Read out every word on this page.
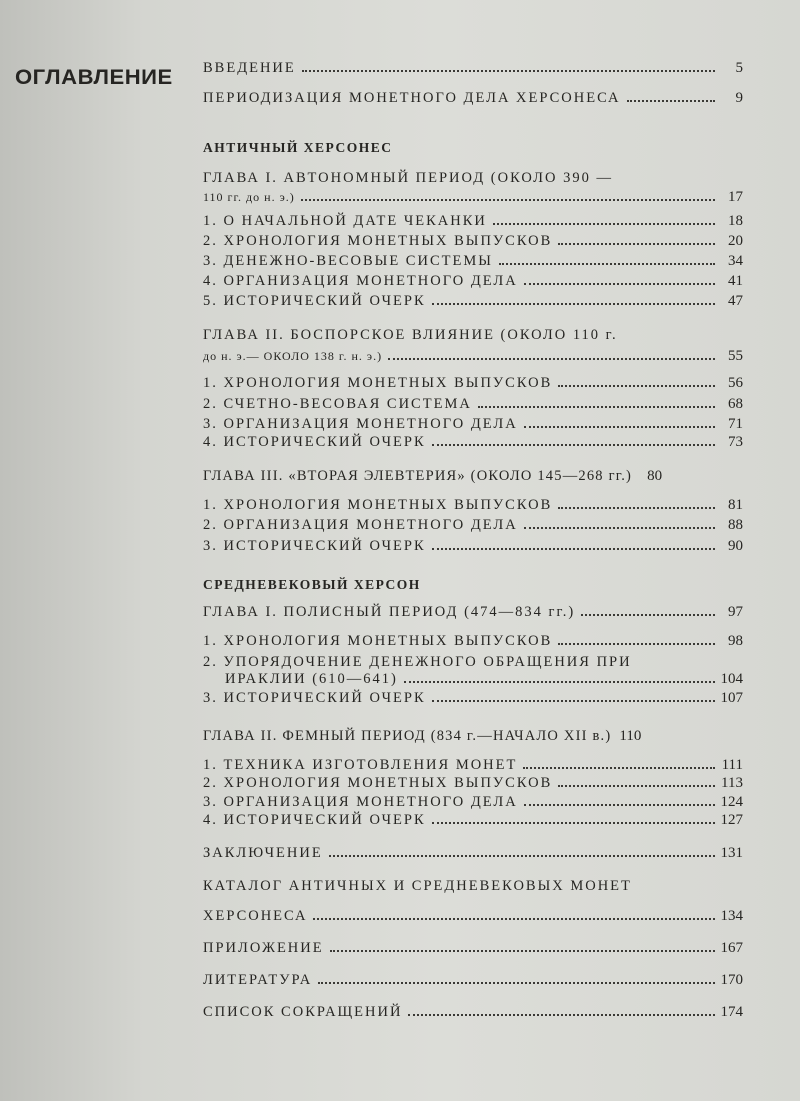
ОГЛАВЛЕНИЕ ВВЕДЕНИЕ	5
ПЕРИОДИЗАЦИЯ МОНЕТНОГО ДЕЛА ХЕРСОНЕСА	9
АНТИЧНЫЙ ХЕРСОНЕС
ГЛАВА I. АВТОНОМНЫЙ ПЕРИОД (ОКОЛО 390 —
110 гг. до н. э.)	17
1. О НАЧАЛЬНОЙ ДАТЕ ЧЕКАНКИ	18
2. ХРОНОЛОГИЯ МОНЕТНЫХ ВЫПУСКОВ	20
3. ДЕНЕЖНО-ВЕСОВЫЕ СИСТЕМЫ	34
4. ОРГАНИЗАЦИЯ МОНЕТНОГО ДЕЛА	41
5. ИСТОРИЧЕСКИЙ ОЧЕРК	47
ГЛАВА II. БОСПОРСКОЕ ВЛИЯНИЕ (ОКОЛО 110 г.
до н. э.— ОКОЛО 138 г. н. э.)	55
1. ХРОНОЛОГИЯ МОНЕТНЫХ ВЫПУСКОВ	56
2. СЧЕТНО-ВЕСОВАЯ СИСТЕМА	68
3. ОРГАНИЗАЦИЯ МОНЕТНОГО ДЕЛА	71
4. ИСТОРИЧЕСКИЙ ОЧЕРК	73
ГЛАВА III. «ВТОРАЯ ЭЛЕВТЕРИЯ» (ОКОЛО 145—268 гг.)	80
1. ХРОНОЛОГИЯ МОНЕТНЫХ ВЫПУСКОВ	81
2. ОРГАНИЗАЦИЯ МОНЕТНОГО ДЕЛА	88
3. ИСТОРИЧЕСКИЙ ОЧЕРК	90
СРЕДНЕВЕКОВЫЙ ХЕРСОН
ГЛАВА I. ПОЛИСНЫЙ ПЕРИОД (474—834 гг.)	97
1. ХРОНОЛОГИЯ МОНЕТНЫХ ВЫПУСКОВ	98
2. УПОРЯДОЧЕНИЕ ДЕНЕЖНОГО ОБРАЩЕНИЯ ПРИ
ИРАКЛИИ (610—641)	104
3. ИСТОРИЧЕСКИЙ ОЧЕРК	107
ГЛАВА II. ФЕМНЫЙ ПЕРИОД (834 г.—НАЧАЛО XII в.) 110
1. ТЕХНИКА ИЗГОТОВЛЕНИЯ МОНЕТ	111
2. ХРОНОЛОГИЯ МОНЕТНЫХ ВЫПУСКОВ	113
3. ОРГАНИЗАЦИЯ МОНЕТНОГО ДЕЛА	124
4. ИСТОРИЧЕСКИЙ ОЧЕРК	127
ЗАКЛЮЧЕНИЕ	131
КАТАЛОГ АНТИЧНЫХ И СРЕДНЕВЕКОВЫХ МОНЕТ
ХЕРСОНЕСА	134
ПРИЛОЖЕНИЕ	167
ЛИТЕРАТУРА	170
СПИСОК СОКРАЩЕНИЙ	174
